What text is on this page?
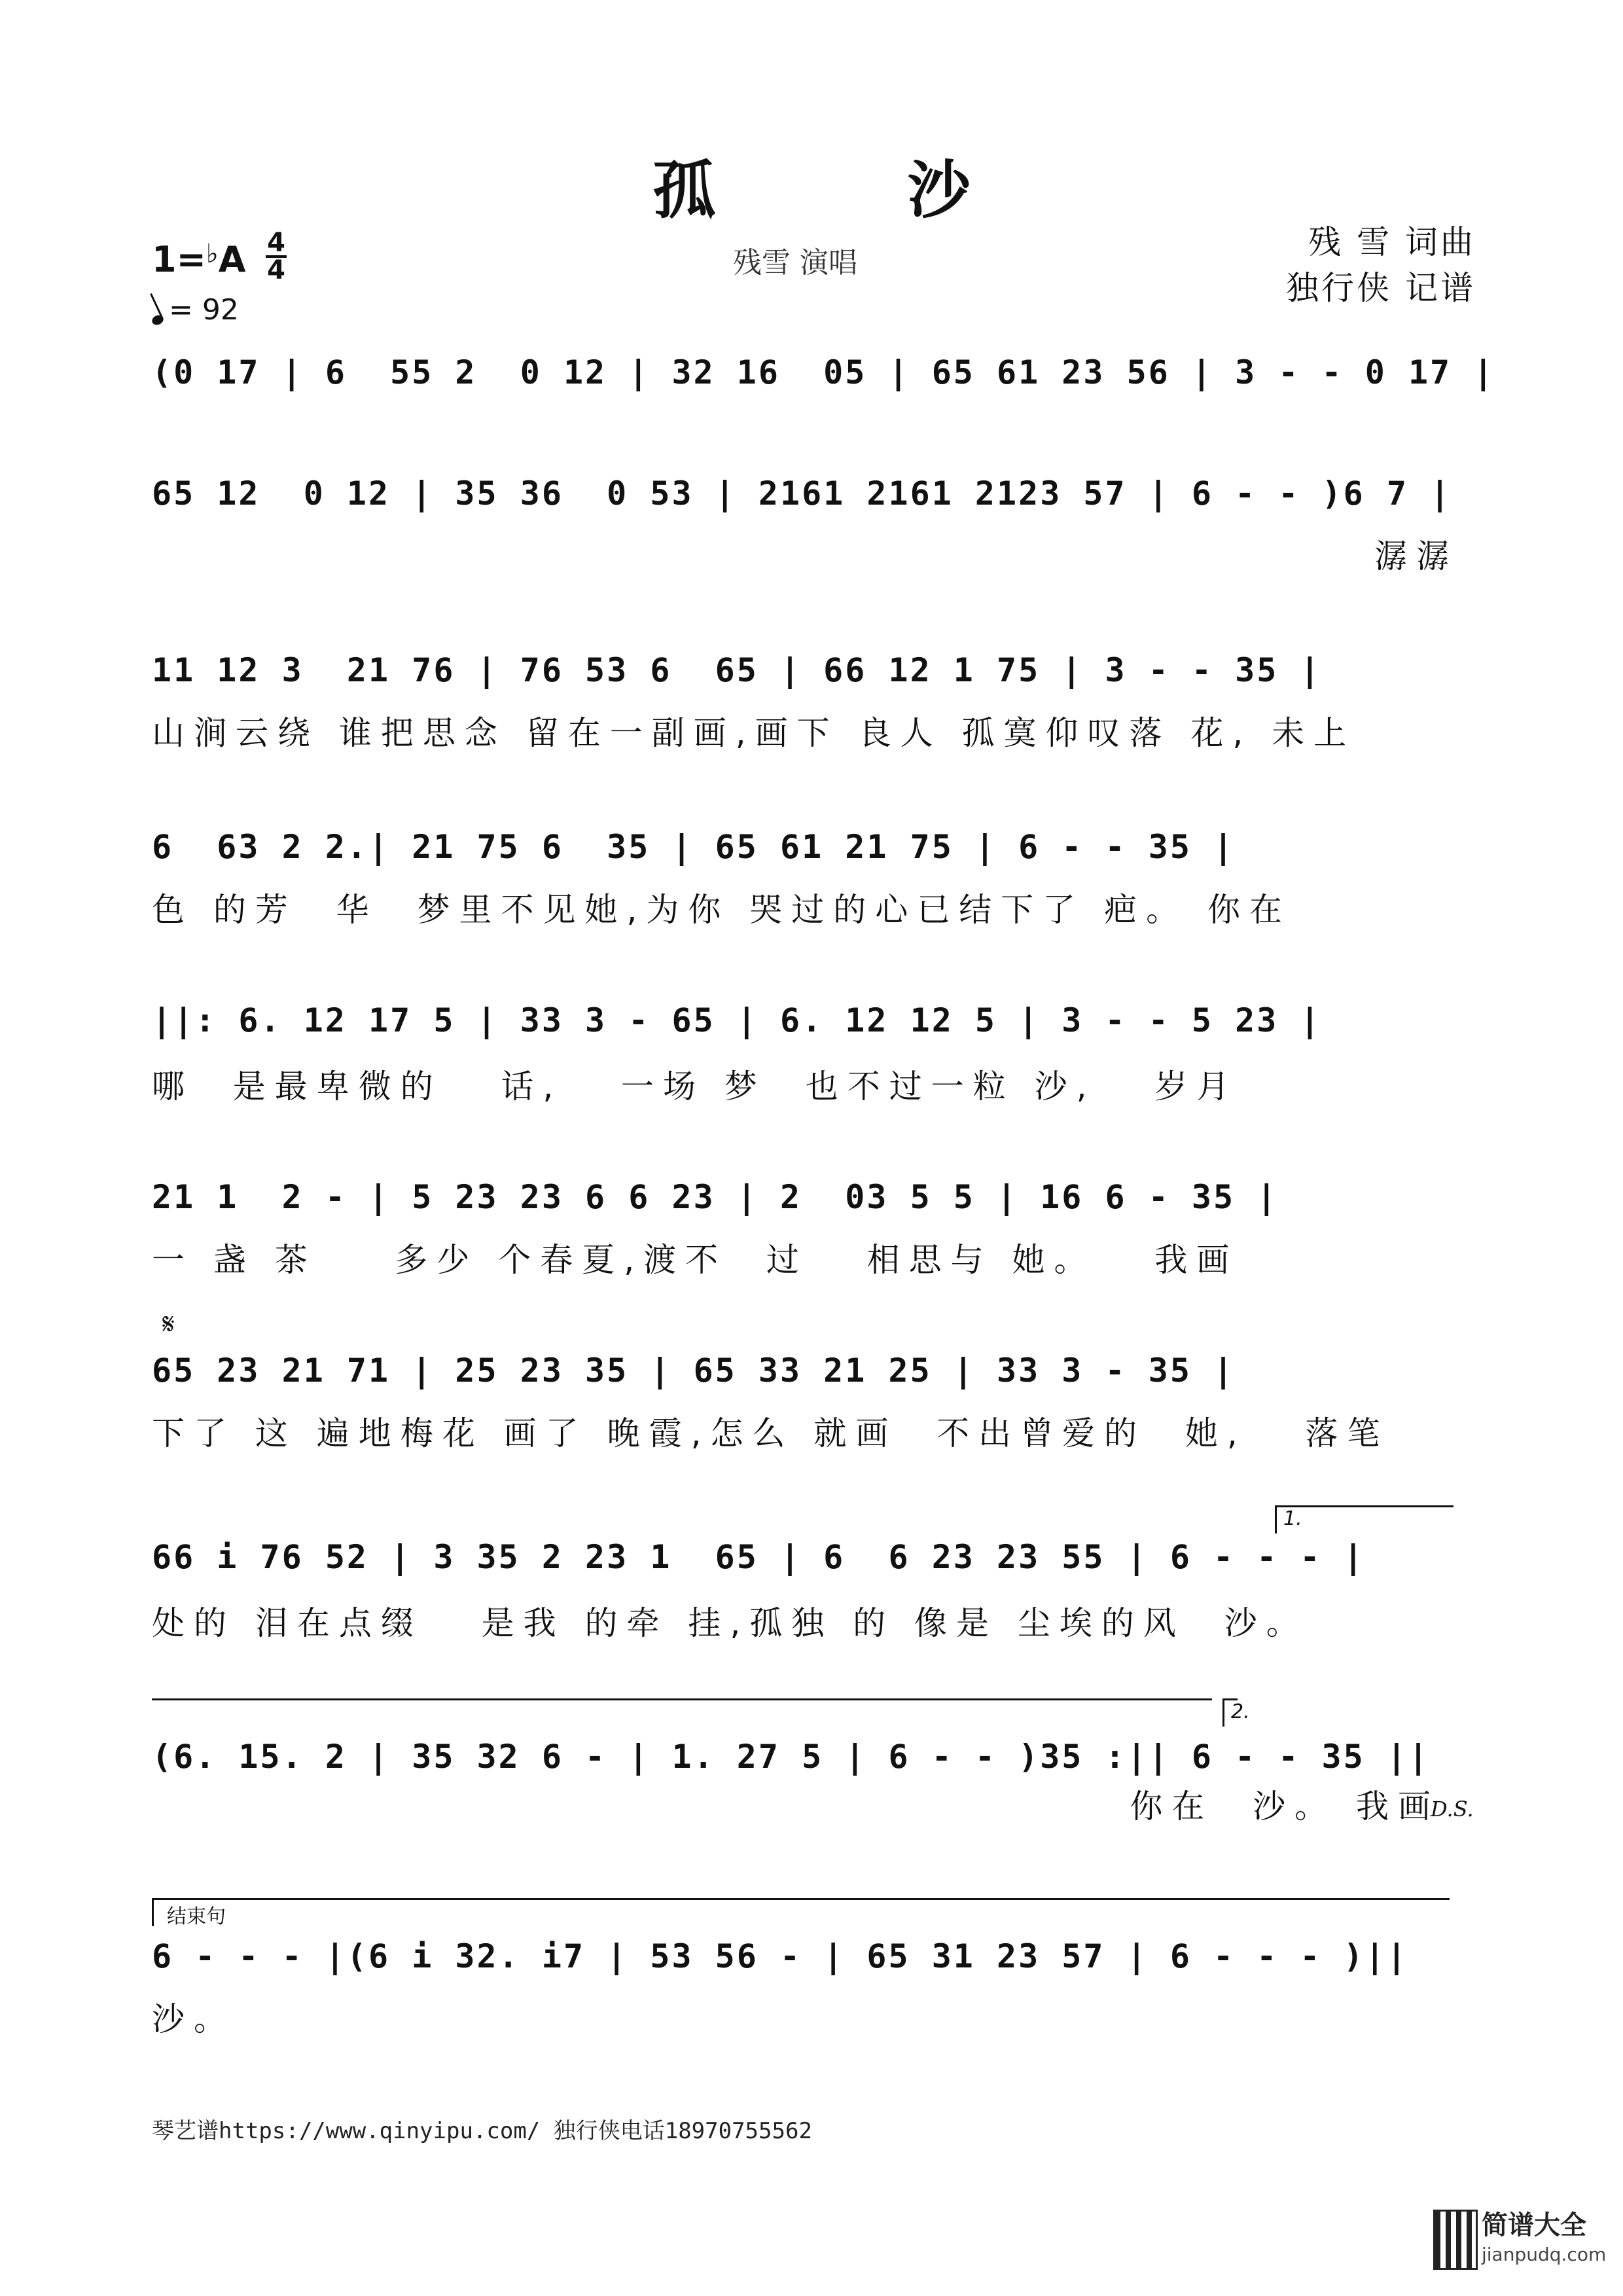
孤 沙
残雪 演唱
残 雪 词曲
独行侠 记谱
1=♭A 4
4
= 92
(0 17 | 6  55 2  0 12 | 32 16  05 | 65 61 23 56 | 3 - - 0 17 |
65 12  0 12 | 35 36  0 53 | 2161 2161 2123 57 | 6 - - )6 7 |
潺潺
11 12 3  21 76 | 76 53 6  65 | 66 12 1 75 | 3 - - 35 |
山涧云绕 谁把思念 留在一副画,画下 良人 孤寞仰叹落 花, 未上
6  63 2 2.| 21 75 6  35 | 65 61 21 75 | 6 - - 35 |
色 的芳  华  梦里不见她,为你 哭过的心已结下了 疤。 你在
||: 6. 12 17 5 | 33 3 - 65 | 6. 12 12 5 | 3 - - 5 23 |
哪  是最卑微的   话,   一场 梦  也不过一粒 沙,   岁月
21 1  2 - | 5 23 23 6 6 23 | 2  03 5 5 | 16 6 - 35 |
一 盏 茶    多少 个春夏,渡不  过   相思与 她。   我画
𝄋
65 23 21 71 | 25 23 35 | 65 33 21 25 | 33 3 - 35 |
下了 这 遍地梅花 画了 晚霞,怎么 就画  不出曾爱的  她,   落笔
1.
66 i 76 52 | 3 35 2 23 1  65 | 6  6 23 23 55 | 6 - - - |
处的 泪在点缀   是我 的牵 挂,孤独 的 像是 尘埃的风  沙。
2.
(6. 15. 2 | 35 32 6 - | 1. 27 5 | 6 - - )35 :|| 6 - - 35 ||
你在  沙。 我画
D.S.
结束句
6 - - - |(6 i 32. i7 | 53 56 - | 65 31 23 57 | 6 - - - )||
沙。
琴艺谱https://www.qinyipu.com/ 独行侠电话18970755562
简谱大全
jianpudq.com
